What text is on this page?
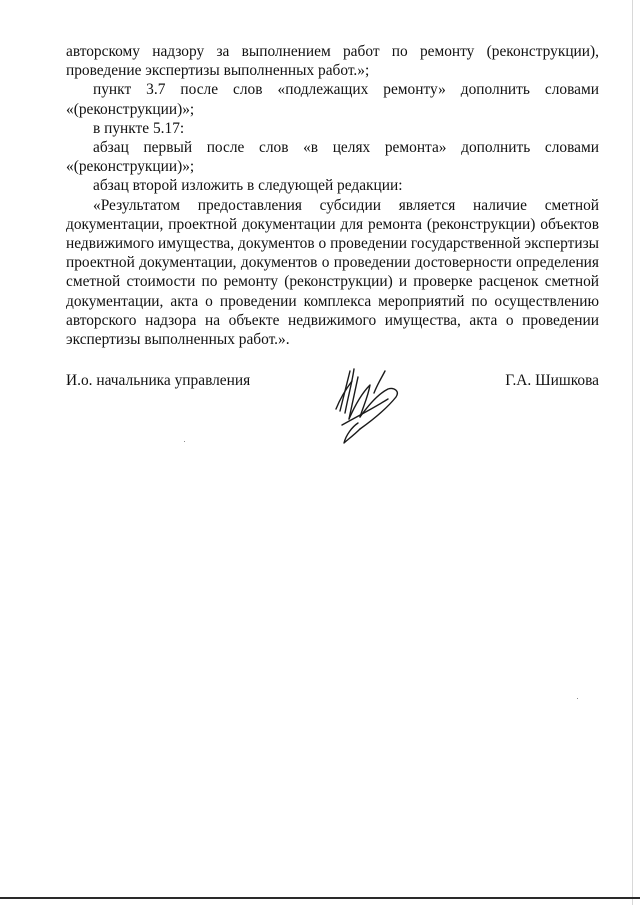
авторскому надзору за выполнением работ по ремонту (реконструкции), проведение экспертизы выполненных работ.»;

пункт 3.7 после слов «подлежащих ремонту» дополнить словами «(реконструкции)»;

в пункте 5.17:

абзац первый после слов «в целях ремонта» дополнить словами «(реконструкции)»;

абзац второй изложить в следующей редакции:

«Результатом предоставления субсидии является наличие сметной документации, проектной документации для ремонта (реконструкции) объектов недвижимого имущества, документов о проведении государственной экспертизы проектной документации, документов о проведении достоверности определения сметной стоимости по ремонту (реконструкции) и проверке расценок сметной документации, акта о проведении комплекса мероприятий по осуществлению авторского надзора на объекте недвижимого имущества, акта о проведении экспертизы выполненных работ.».

И.о. начальника управления	Г.А. Шишкова
